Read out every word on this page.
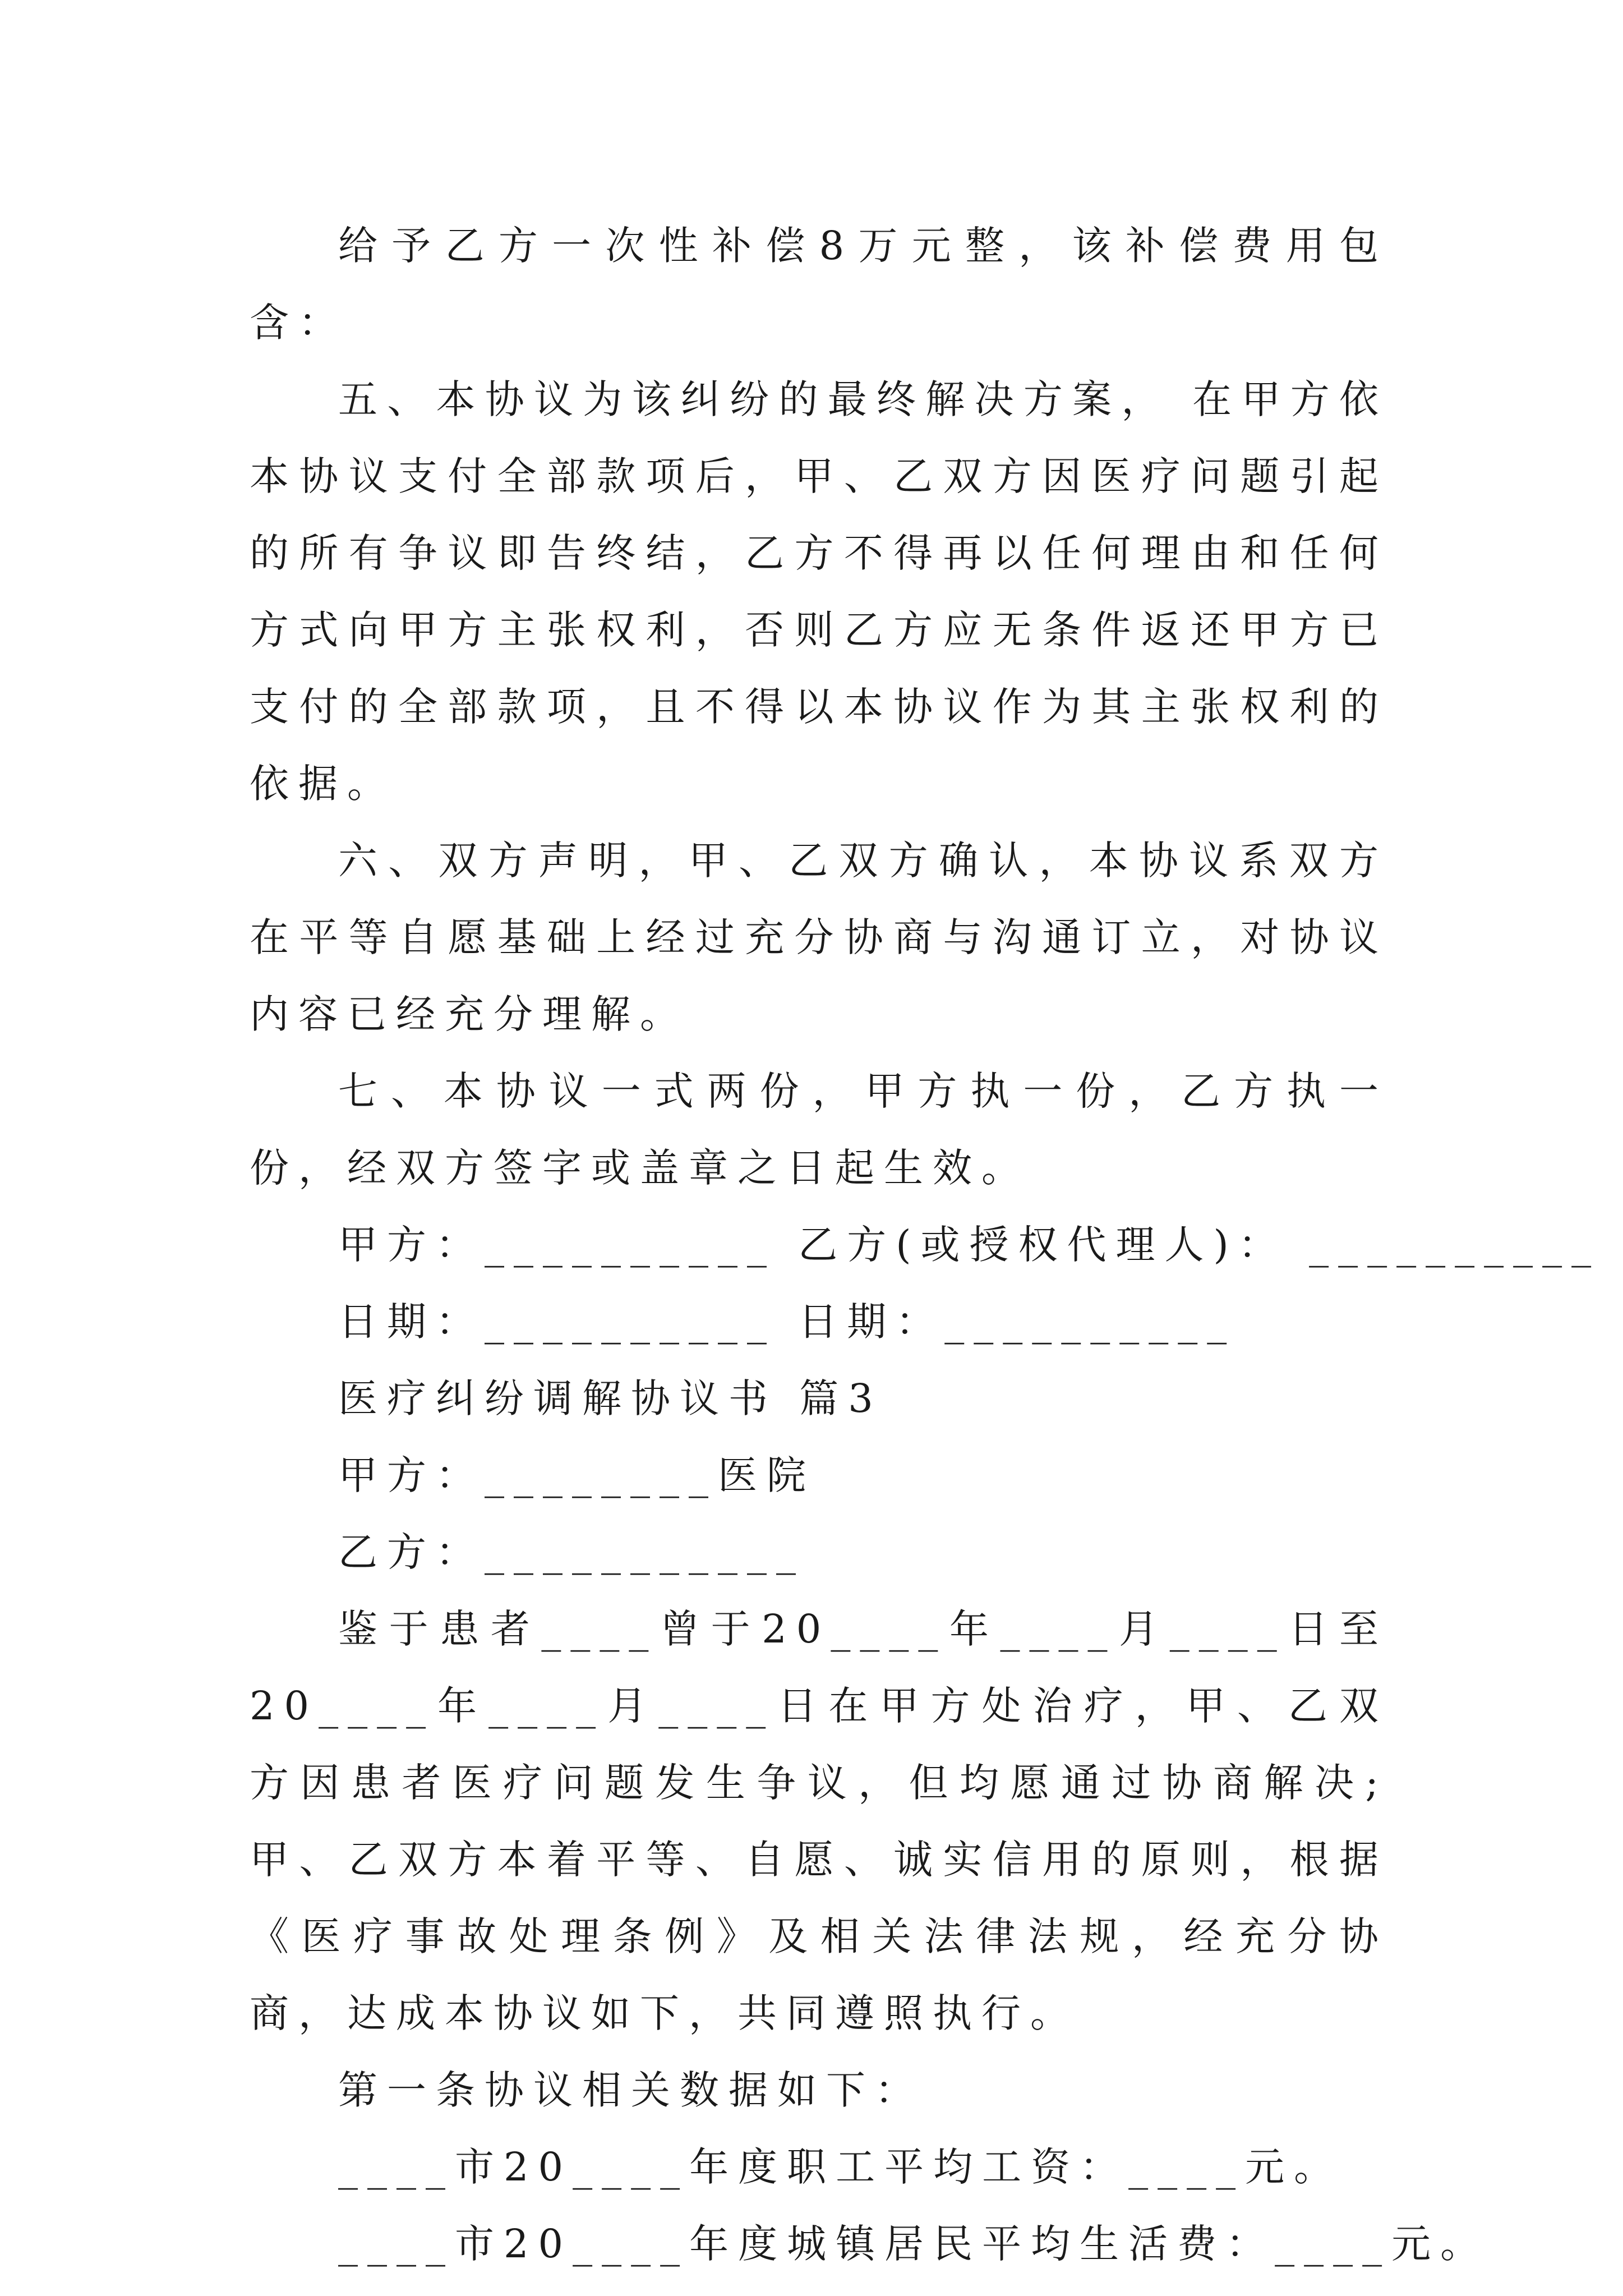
给予乙方一次性补偿8万元整，该补偿费用包含：

五、本协议为该纠纷的最终解决方案， 在甲方依本协议支付全部款项后，甲、乙双方因医疗问题引起的所有争议即告终结，乙方不得再以任何理由和任何方式向甲方主张权利，否则乙方应无条件返还甲方已支付的全部款项，且不得以本协议作为其主张权利的依据。

六、双方声明，甲、乙双方确认，本协议系双方在平等自愿基础上经过充分协商与沟通订立，对协议内容已经充分理解。

七、本协议一式两份，甲方执一份，乙方执一份，经双方签字或盖章之日起生效。

甲方：__________ 乙方(或授权代理人)： __________

日期：__________ 日期：__________

医疗纠纷调解协议书 篇3

甲方：________医院

乙方：___________

鉴于患者____曾于20____年____月____日至20____年____月____日在甲方处治疗，甲、乙双方因患者医疗问题发生争议，但均愿通过协商解决;甲、乙双方本着平等、自愿、诚实信用的原则，根据《医疗事故处理条例》及相关法律法规，经充分协商，达成本协议如下，共同遵照执行。

第一条协议相关数据如下：

____市20____年度职工平均工资：____元。

____市20____年度城镇居民平均生活费：____元。
